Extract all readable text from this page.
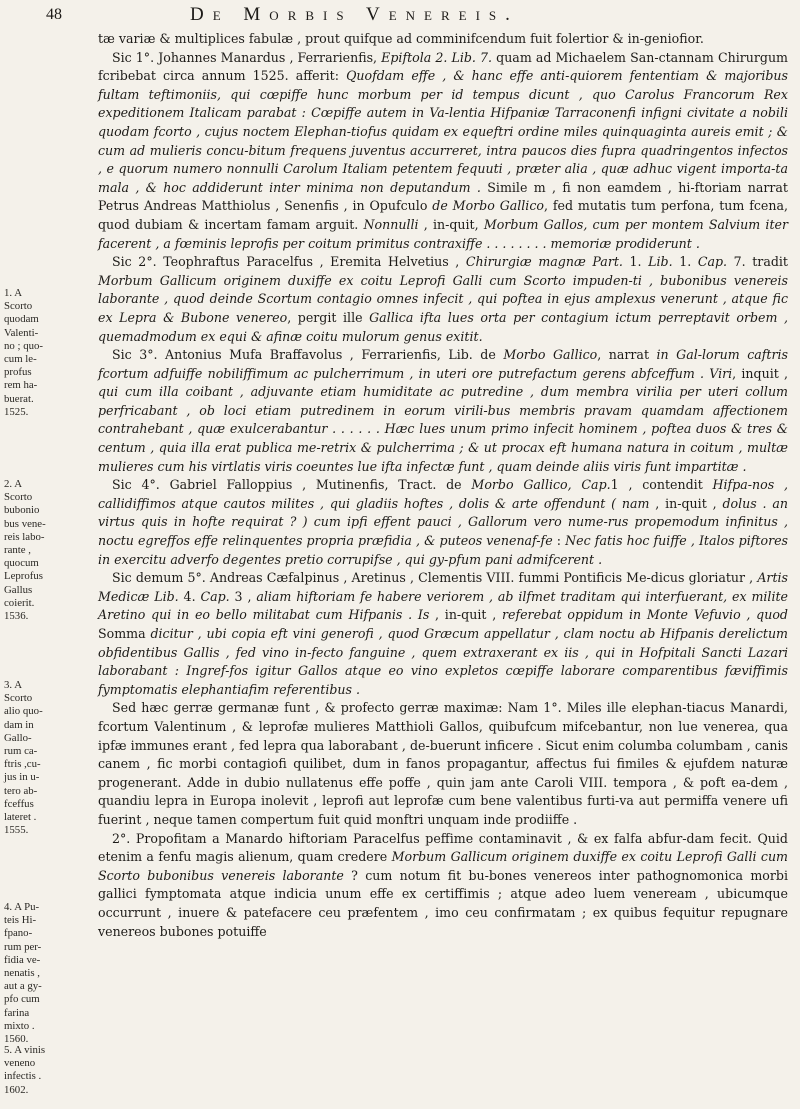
48	De Morbis Venereis.
1. A
Scorto
quodam
Valenti-
no ; quo-
cum le-
profus
rem ha-
buerat.
1525.
2. A
Scorto
bubonio
bus vene-
reis labo-
rante ,
quocum
Leprofus
Gallus
coierit.
1536.
3. A
Scorto
alio quo-
dam in
Gallo-
rum ca-
ftris ,cu-
jus in u-
tero ab-
fceffus
lateret .
1555.
4. A Pu-
teis Hi-
fpano-
rum per-
fidia ve-
nenatis ,
aut a gy-
pfo cum
farina
mixto .
1560.
5. A vinis
veneno
infectis .
1602.

tæ variæ & multiplices fabulæ , prout quifque ad comminifcendum fuit folertior & in-geniofior.

Sic 1°. Johannes Manardus , Ferrarienfis, Epiftola 2. Lib. 7. quam ad Michaelem San-ctannam Chirurgum fcribebat circa annum 1525. afferit: Quofdam effe , & hanc effe anti-quiorem fententiam & majoribus fultam teftimoniis, qui cœpiffe hunc morbum per id tempus dicunt , quo Carolus Francorum Rex expeditionem Italicam parabat : Cœpiffe autem in Va-lentia Hifpaniæ Tarraconenfi infigni civitate a nobili quodam fcorto , cujus noctem Elephan-tiofus quidam ex equeftri ordine miles quinquaginta aureis emit ; & cum ad mulieris concu-bitum frequens juventus accurreret, intra paucos dies fupra quadringentos infectos , e quorum numero nonnulli Carolum Italiam petentem fequuti , præter alia , quæ adhuc vigent importa-ta mala , & hoc addiderunt inter minima non deputandum . Simile m , fi non eamdem , hi-ftoriam narrat Petrus Andreas Matthiolus , Senenfis , in Opufculo de Morbo Gallico, fed mutatis tum perfona, tum fcena, quod dubiam & incertam famam arguit. Nonnulli , in-quit, Morbum Gallos, cum per montem Salvium iter facerent , a fœminis leprofis per coitum primitus contraxiffe . . . . . . . . memoriæ prodiderunt .

Sic 2°. Teophraftus Paracelfus , Eremita Helvetius , Chirurgiæ magnæ Part. 1. Lib. 1. Cap. 7. tradit Morbum Gallicum originem duxiffe ex coitu Leprofi Galli cum Scorto impuden-ti , bubonibus venereis laborante , quod deinde Scortum contagio omnes infecit , qui poftea in ejus amplexus venerunt , atque fic ex Lepra & Bubone venereo, pergit ille Gallica ifta lues orta per contagium ictum perreptavit orbem , quemadmodum ex equi & afinæ coitu mulorum genus exitit.

Sic 3°. Antonius Mufa Braffavolus , Ferrarienfis, Lib. de Morbo Gallico, narrat in Gal-lorum caftris fcortum adfuiffe nobiliffimum ac pulcherrimum , in uteri ore putrefactum gerens abfceffum . Viri, inquit , qui cum illa coibant , adjuvante etiam humiditate ac putredine , dum membra virilia per uteri collum perfricabant , ob loci etiam putredinem in eorum virili-bus membris pravam quamdam affectionem contrahebant , quæ exulcerabantur . . . . . . Hæc lues unum primo infecit hominem , poftea duos & tres & centum , quia illa erat publica me-retrix & pulcherrima ; & ut procax eft humana natura in coitum , multæ mulieres cum his virtlatis viris coeuntes lue ifta infectæ funt , quam deinde aliis viris funt impartitæ .

Sic 4°. Gabriel Falloppius , Mutinenfis, Tract. de Morbo Gallico, Cap.1 , contendit Hifpa-nos , callidiffimos atque cautos milites , qui gladiis hoftes , dolis & arte offendunt ( nam , in-quit , dolus . an virtus quis in hofte requirat ? ) cum ipfi effent pauci , Gallorum vero nume-rus propemodum infinitus , noctu egreffos effe relinquentes propria præfidia , & puteos venenaf-fe : Nec fatis hoc fuiffe , Italos piftores in exercitu adverfo degentes pretio corrupifse , qui gy-pfum pani admifcerent .

Sic demum 5°. Andreas Cæfalpinus , Aretinus , Clementis VIII. fummi Pontificis Me-dicus gloriatur , Artis Medicæ Lib. 4. Cap. 3 , aliam hiftoriam fe habere veriorem , ab ilfmet traditam qui interfuerant, ex milite Aretino qui in eo bello militabat cum Hifpanis . Is , in-quit , referebat oppidum in Monte Vefuvio , quod Somma dicitur , ubi copia eft vini generofi , quod Græcum appellatur , clam noctu ab Hifpanis derelictum obfidentibus Gallis , fed vino in-fecto fanguine , quem extraxerant ex iis , qui in Hofpitali Sancti Lazari laborabant : Ingref-fos igitur Gallos atque eo vino expletos cœpiffe laborare comparentibus fæviffimis fymptomatis elephantiafim referentibus .

Sed hæc gerræ germanæ funt , & profecto gerræ maximæ: Nam 1°. Miles ille elephan-tiacus Manardi, fcortum Valentinum , & leprofæ mulieres Matthioli Gallos, quibufcum mifcebantur, non lue venerea, qua ipfæ immunes erant , fed lepra qua laborabant , de-buerunt inficere . Sicut enim columba columbam , canis canem , fic morbi contagiofi quilibet, dum in fanos propagantur, affectus fui fimiles & ejufdem naturæ progenerant. Adde in dubio nullatenus effe poffe , quin jam ante Caroli VIII. tempora , & poft ea-dem , quandiu lepra in Europa inolevit , leprofi aut leprofæ cum bene valentibus furti-va aut permiffa venere ufi fuerint , neque tamen compertum fuit quid monftri unquam inde prodiiffe .

2°. Propofitam a Manardo hiftoriam Paracelfus peffime contaminavit , & ex falfa abfur-dam fecit. Quid etenim a fenfu magis alienum, quam credere Morbum Gallicum originem duxiffe ex coitu Leprofi Galli cum Scorto bubonibus venereis laborante ? cum notum fit bu-bones venereos inter pathognomonica morbi gallici fymptomata atque indicia unum effe ex certiffimis ; atque adeo luem veneream , ubicumque occurrunt , inuere & patefacere ceu præfentem , imo ceu confirmatam ; ex quibus fequitur repugnare venereos bubones potuiffe
